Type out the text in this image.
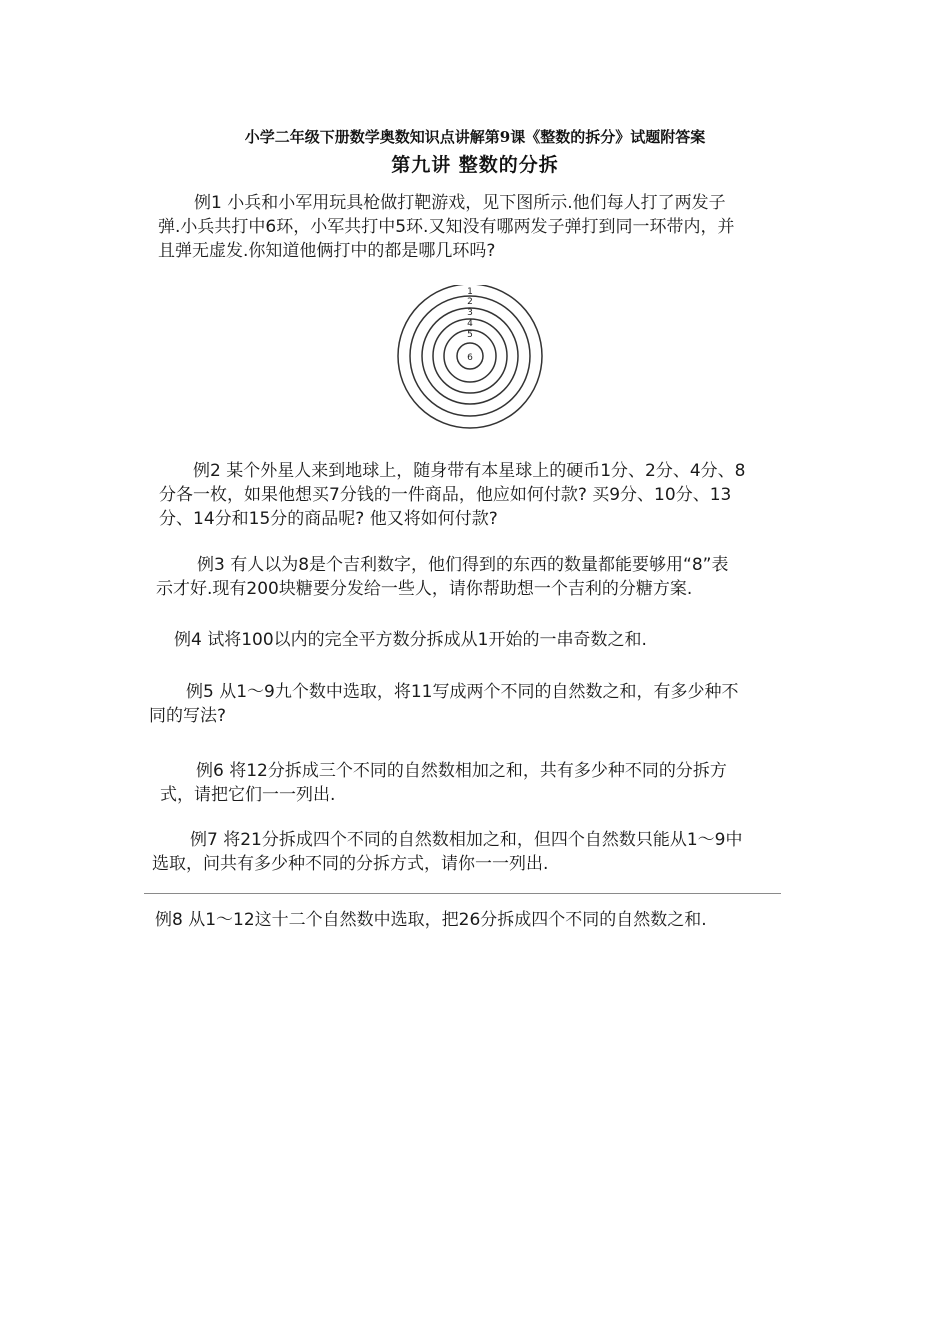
小学二年级下册数学奥数知识点讲解第9课《整数的拆分》试题附答案
第九讲 整数的分拆
例1 小兵和小军用玩具枪做打靶游戏，见下图所示.他们每人打了两发子
弹.小兵共打中6环，小军共打中5环.又知没有哪两发子弹打到同一环带内，并
且弹无虚发.你知道他俩打中的都是哪几环吗?
1
2
3
4
5
6
例2 某个外星人来到地球上，随身带有本星球上的硬币1分、2分、4分、8
分各一枚，如果他想买7分钱的一件商品，他应如何付款? 买9分、10分、13
分、14分和15分的商品呢? 他又将如何付款?
例3 有人以为8是个吉利数字，他们得到的东西的数量都能要够用“8”表
示才好.现有200块糖要分发给一些人，请你帮助想一个吉利的分糖方案.
例4 试将100以内的完全平方数分拆成从1开始的一串奇数之和.
例5 从1～9九个数中选取，将11写成两个不同的自然数之和，有多少种不
同的写法?
例6 将12分拆成三个不同的自然数相加之和，共有多少种不同的分拆方
式，请把它们一一列出.
例7 将21分拆成四个不同的自然数相加之和，但四个自然数只能从1～9中
选取，问共有多少种不同的分拆方式，请你一一列出.
例8 从1～12这十二个自然数中选取，把26分拆成四个不同的自然数之和.
